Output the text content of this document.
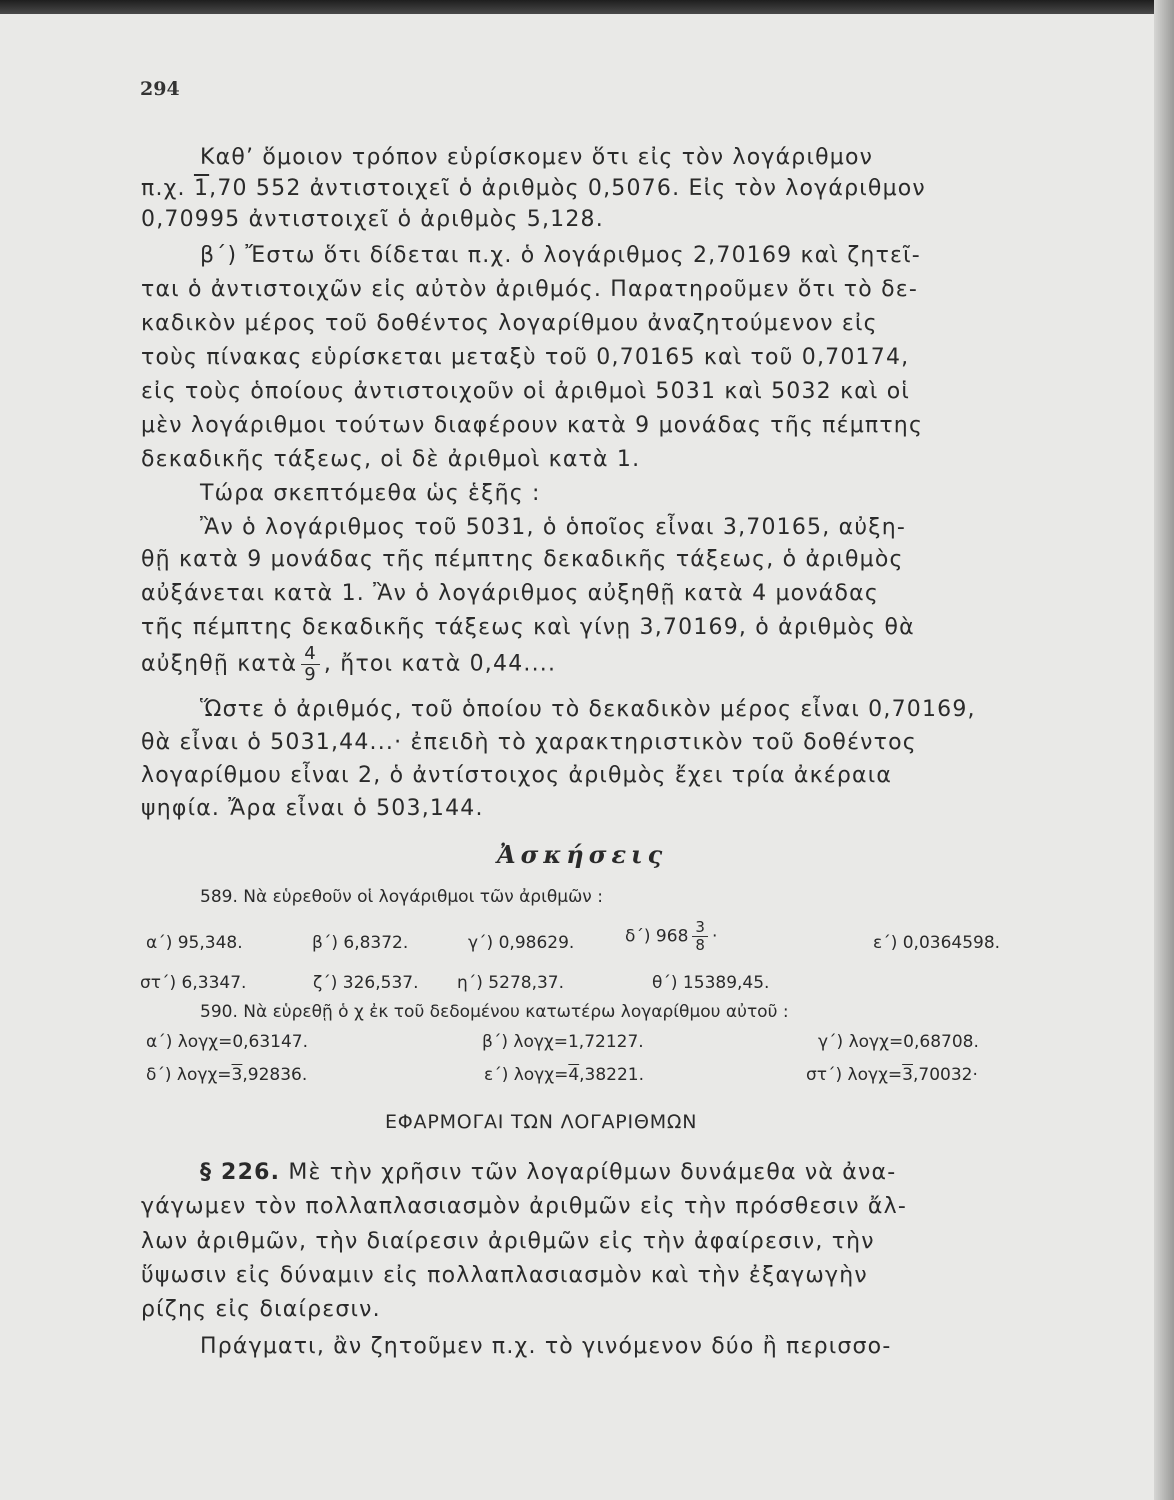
294
Καθ’ ὅμοιον τρόπον εὑρίσκομεν ὅτι εἰς τὸν λογάριθμον
π.χ. 1,70 552 ἀντιστοιχεῖ ὁ ἀριθμὸς 0,5076. Εἰς τὸν λογάριθμον
0,70995 ἀντιστοιχεῖ ὁ ἀριθμὸς 5,128.
β΄) Ἔστω ὅτι δίδεται π.χ. ὁ λογάριθμος 2,70169 καὶ ζητεῖ-
ται ὁ ἀντιστοιχῶν εἰς αὐτὸν ἀριθμός. Παρατηροῦμεν ὅτι τὸ δε-
καδικὸν μέρος τοῦ δοθέντος λογαρίθμου ἀναζητούμενον εἰς
τοὺς πίνακας εὑρίσκεται μεταξὺ τοῦ 0,70165 καὶ τοῦ 0,70174,
εἰς τοὺς ὁποίους ἀντιστοιχοῦν οἱ ἀριθμοὶ 5031 καὶ 5032 καὶ οἱ
μὲν λογάριθμοι τούτων διαφέρουν κατὰ 9 μονάδας τῆς πέμπτης
δεκαδικῆς τάξεως, οἱ δὲ ἀριθμοὶ κατὰ 1.
Τώρα σκεπτόμεθα ὡς ἑξῆς :
Ἂν ὁ λογάριθμος τοῦ 5031, ὁ ὁποῖος εἶναι 3,70165, αὐξη-
θῇ κατὰ 9 μονάδας τῆς πέμπτης δεκαδικῆς τάξεως, ὁ ἀριθμὸς
αὐξάνεται κατὰ 1. Ἂν ὁ λογάριθμος αὐξηθῇ κατὰ 4 μονάδας
τῆς πέμπτης δεκαδικῆς τάξεως καὶ γίνῃ 3,70169, ὁ ἀριθμὸς θὰ
αὐξηθῇ κατὰ $\frac{4}{9}$ , ἤτοι κατὰ 0,44....
Ὥστε ὁ ἀριθμός, τοῦ ὁποίου τὸ δεκαδικὸν μέρος εἶναι 0,70169,
θὰ εἶναι ὁ 5031,44...· ἐπειδὴ τὸ χαρακτηριστικὸν τοῦ δοθέντος
λογαρίθμου εἶναι 2, ὁ ἀντίστοιχος ἀριθμὸς ἔχει τρία ἀκέραια
ψηφία. Ἄρα εἶναι ὁ 503,144.
Ἀσκήσεις
589. Νὰ εὑρεθοῦν οἱ λογάριθμοι τῶν ἀριθμῶν :
α΄) 95,348.	β΄) 6,8372.	γ΄) 0,98629.	δ΄) $968 \frac{3}{8}$ ·	ε΄) 0,0364598.
στ΄) 6,3347.	ζ΄) 326,537. η΄) 5278,37.	θ΄) 15389,45.
590. Νὰ εὑρεθῇ ὁ χ ἐκ τοῦ δεδομένου κατωτέρω λογαρίθμου αὐτοῦ :
α΄) λογχ=0,63147.	β΄) λογχ=1,72127.	γ΄) λογχ=0,68708.
δ΄) λογχ=3,92836.	ε΄) λογχ=4,38221.	στ΄) λογχ=3,70032·
ΕΦΑΡΜΟΓΑΙ ΤΩΝ ΛΟΓΑΡΙΘΜΩΝ
§ 226. Μὲ τὴν χρῆσιν τῶν λογαρίθμων δυνάμεθα νὰ ἀνα-
γάγωμεν τὸν πολλαπλασιασμὸν ἀριθμῶν εἰς τὴν πρόσθεσιν ἄλ-
λων ἀριθμῶν, τὴν διαίρεσιν ἀριθμῶν εἰς τὴν ἀφαίρεσιν, τὴν
ὕψωσιν εἰς δύναμιν εἰς πολλαπλασιασμὸν καὶ τὴν ἐξαγωγὴν
ρίζης εἰς διαίρεσιν.
Πράγματι, ἂν ζητοῦμεν π.χ. τὸ γινόμενον δύο ἢ περισσο-
